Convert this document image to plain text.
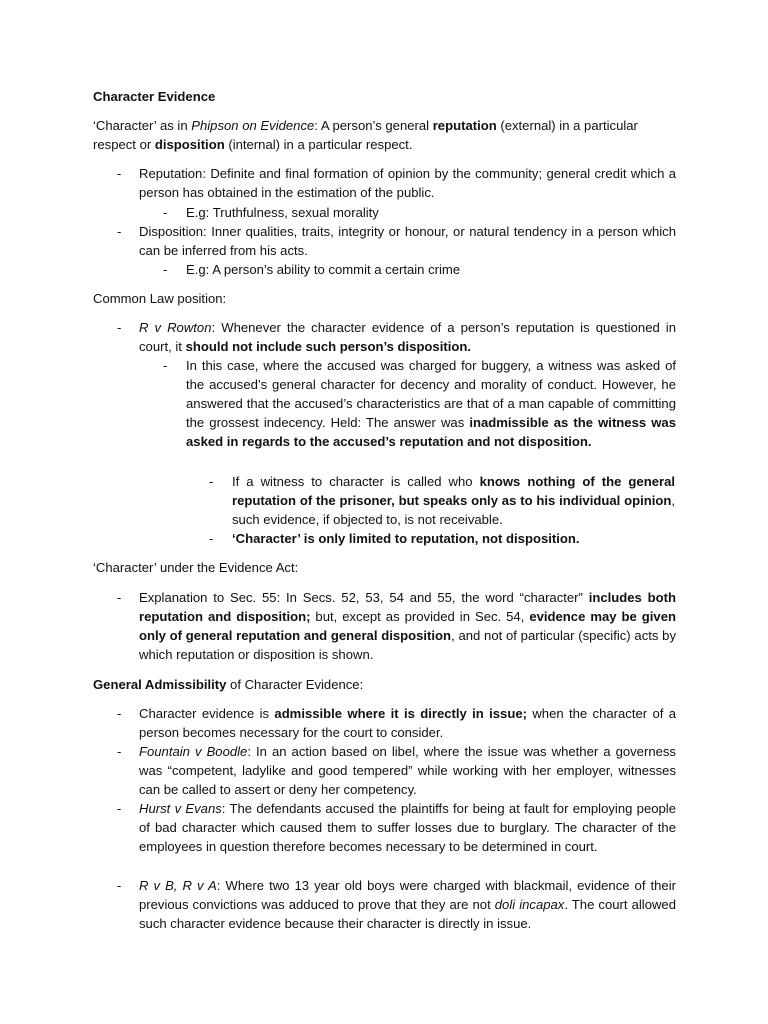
Character Evidence
‘Character’ as in Phipson on Evidence: A person’s general reputation (external) in a particular respect or disposition (internal) in a particular respect.
- Reputation: Definite and final formation of opinion by the community; general credit which a person has obtained in the estimation of the public.
- E.g: Truthfulness, sexual morality
- Disposition: Inner qualities, traits, integrity or honour, or natural tendency in a person which can be inferred from his acts.
- E.g: A person’s ability to commit a certain crime
Common Law position:
- R v Rowton: Whenever the character evidence of a person’s reputation is questioned in court, it should not include such person’s disposition.
- In this case, where the accused was charged for buggery, a witness was asked of the accused’s general character for decency and morality of conduct. However, he answered that the accused’s characteristics are that of a man capable of committing the grossest indecency. Held: The answer was inadmissible as the witness was asked in regards to the accused’s reputation and not disposition.
- If a witness to character is called who knows nothing of the general reputation of the prisoner, but speaks only as to his individual opinion, such evidence, if objected to, is not receivable.
- ‘Character’ is only limited to reputation, not disposition.
‘Character’ under the Evidence Act:
- Explanation to Sec. 55: In Secs. 52, 53, 54 and 55, the word “character” includes both reputation and disposition; but, except as provided in Sec. 54, evidence may be given only of general reputation and general disposition, and not of particular (specific) acts by which reputation or disposition is shown.
General Admissibility of Character Evidence:
- Character evidence is admissible where it is directly in issue; when the character of a person becomes necessary for the court to consider.
- Fountain v Boodle: In an action based on libel, where the issue was whether a governess was “competent, ladylike and good tempered” while working with her employer, witnesses can be called to assert or deny her competency.
- Hurst v Evans: The defendants accused the plaintiffs for being at fault for employing people of bad character which caused them to suffer losses due to burglary. The character of the employees in question therefore becomes necessary to be determined in court.
- R v B, R v A: Where two 13 year old boys were charged with blackmail, evidence of their previous convictions was adduced to prove that they are not doli incapax. The court allowed such character evidence because their character is directly in issue.
